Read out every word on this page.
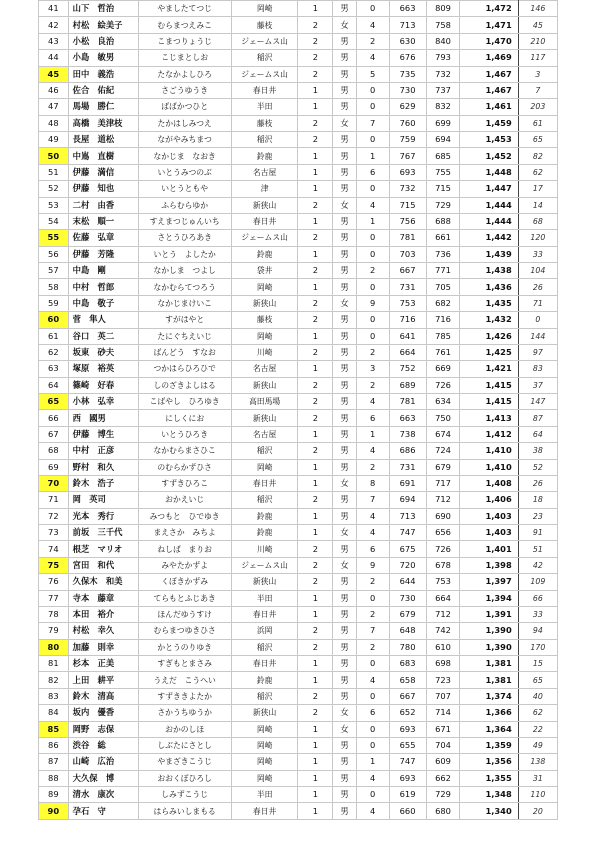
41	山下　哲治	やましたてつじ	岡崎	1	男	0	663	809	1,472	146
42	村松　絵美子	むらまつえみこ	藤枝	2	女	4	713	758	1,471	45
43	小松　良治	こまつりょうじ	ジェームス山	2	男	2	630	840	1,470	210
44	小島　敏男	こじまとしお	稲沢	2	男	4	676	793	1,469	117
45	田中　義浩	たなかよしひろ	ジェームス山	2	男	5	735	732	1,467	3
46	佐合　佑紀	さごうゆうき	春日井	1	男	0	730	737	1,467	7
47	馬場　勝仁	ばばかつひと	半田	1	男	0	629	832	1,461	203
48	高橋　美津枝	たかはしみつえ	藤枝	2	女	7	760	699	1,459	61
49	長屋　道松	ながやみちまつ	稲沢	2	男	0	759	694	1,453	65
50	中嶌　直樹	なかじま　なおき	鈴鹿	1	男	1	767	685	1,452	82
51	伊藤　満信	いとうみつのぶ	名古屋	1	男	6	693	755	1,448	62
52	伊藤　知也	いとうともや	津	1	男	0	732	715	1,447	17
53	二村　由香	ふらむらゆか	新狭山	2	女	4	715	729	1,444	14
54	末松　順一	すえまつじゅんいち	春日井	1	男	1	756	688	1,444	68
55	佐藤　弘章	さとうひろあき	ジェームス山	2	男	0	781	661	1,442	120
56	伊藤　芳隆	いとう　よしたか	鈴鹿	1	男	0	703	736	1,439	33
57	中島　剛	なかしま　つよし	袋井	2	男	2	667	771	1,438	104
58	中村　哲郎	なかむらてつろう	岡崎	1	男	0	731	705	1,436	26
59	中島　敬子	なかじまけいこ	新狭山	2	女	9	753	682	1,435	71
60	菅　隼人	すがはやと	藤枝	2	男	0	716	716	1,432	0
61	谷口　英二	たにぐちえいじ	岡崎	1	男	0	641	785	1,426	144
62	坂東　砂夫	ばんどう　すなお	川崎	2	男	2	664	761	1,425	97
63	塚原　裕英	つかはらひろひで	名古屋	1	男	3	752	669	1,421	83
64	篠崎　好春	しのざきよしはる	新狭山	2	男	2	689	726	1,415	37
65	小林　弘幸	こばやし　ひろゆき	高田馬場	2	男	4	781	634	1,415	147
66	西　國男	にしくにお	新狭山	2	男	6	663	750	1,413	87
67	伊藤　博生	いとうひろき	名古屋	1	男	1	738	674	1,412	64
68	中村　正彦	なかむらまさひこ	稲沢	2	男	4	686	724	1,410	38
69	野村　和久	のむらかずひさ	岡崎	1	男	2	731	679	1,410	52
70	鈴木　浩子	すずきひろこ	春日井	1	女	8	691	717	1,408	26
71	岡　英司	おかえいじ	稲沢	2	男	7	694	712	1,406	18
72	光本　秀行	みつもと　ひでゆき	鈴鹿	1	男	4	713	690	1,403	23
73	前坂　三千代	まえさか　みちよ	鈴鹿	1	女	4	747	656	1,403	91
74	根芝　マリオ	ねしば　まりお	川崎	2	男	6	675	726	1,401	51
75	宮田　和代	みやたかずよ	ジェームス山	2	女	9	720	678	1,398	42
76	久保木　和美	くぼきかずみ	新狭山	2	男	2	644	753	1,397	109
77	寺本　藤章	てらもとふじあき	半田	1	男	0	730	664	1,394	66
78	本田　裕介	ほんだゆうすけ	春日井	1	男	2	679	712	1,391	33
79	村松　幸久	むらまつゆきひさ	浜岡	2	男	7	648	742	1,390	94
80	加藤　則幸	かとうのりゆき	稲沢	2	男	2	780	610	1,390	170
81	杉本　正美	すぎもとまさみ	春日井	1	男	0	683	698	1,381	15
82	上田　耕平	うえだ　こうへい	鈴鹿	1	男	4	658	723	1,381	65
83	鈴木　清高	すずききよたか	稲沢	2	男	0	667	707	1,374	40
84	坂内　優香	さかうちゆうか	新狭山	2	女	6	652	714	1,366	62
85	岡野　志保	おかのしほ	岡崎	1	女	0	693	671	1,364	22
86	渋谷　総	しぶたにさとし	岡崎	1	男	0	655	704	1,359	49
87	山崎　広治	やまざきこうじ	岡崎	1	男	1	747	609	1,356	138
88	大久保　博	おおくぼひろし	岡崎	1	男	4	693	662	1,355	31
89	清水　康次	しみずこうじ	半田	1	男	0	619	729	1,348	110
90	孕石　守	はらみいしまもる	春日井	1	男	4	660	680	1,340	20
